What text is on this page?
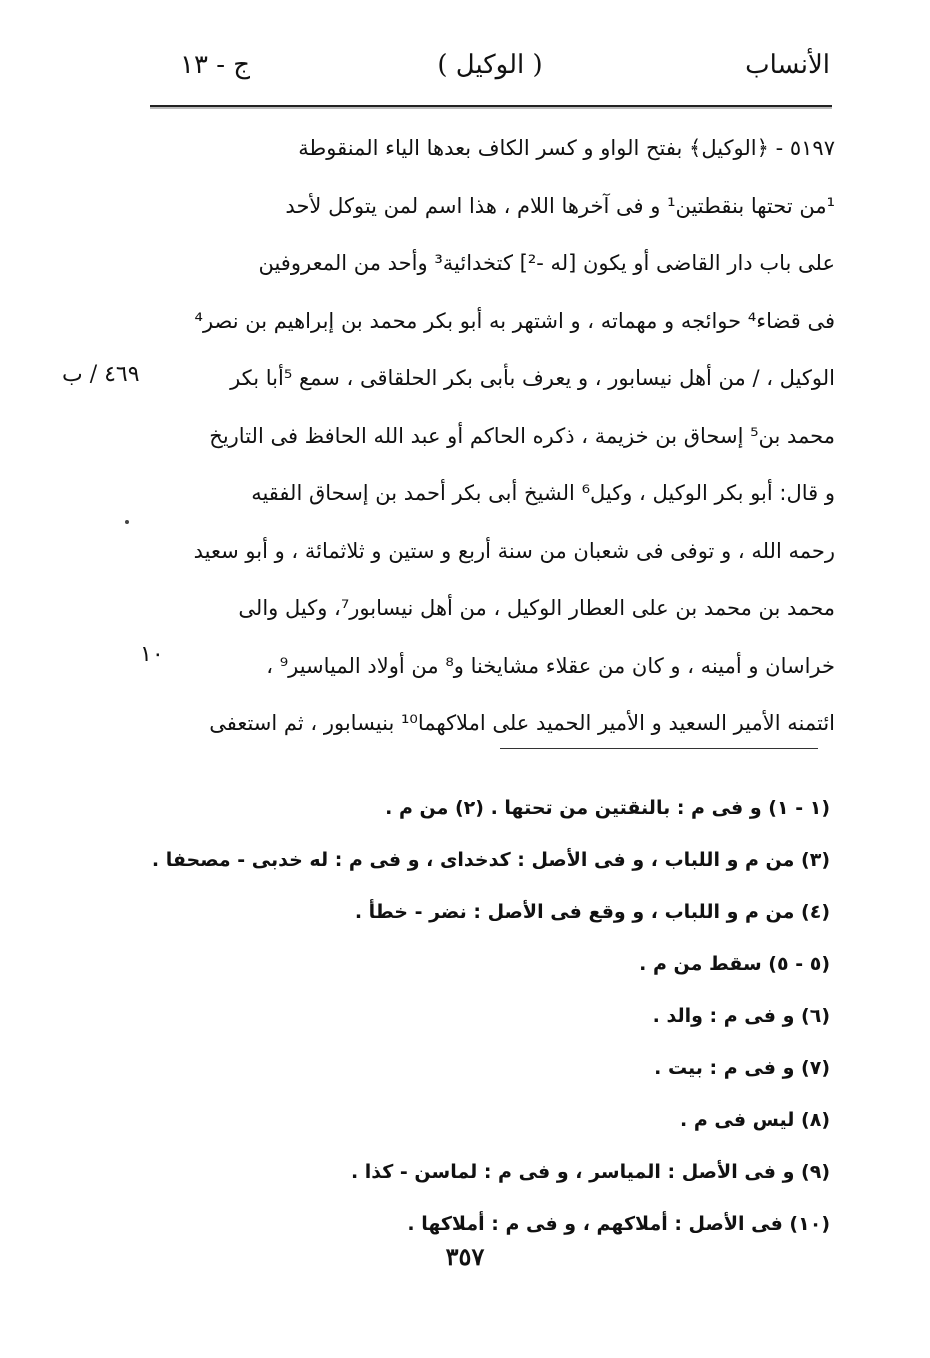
الأنساب
( الوكيل )
ج - ١٣
٥١٩٧ - ﴿الوكيل﴾ بفتح الواو و كسر الكاف بعدها الياء المنقوطة
¹من تحتها بنقطتين¹ و فى آخرها اللام ، هذا اسم لمن يتوكل لأحد
على باب دار القاضى أو يكون [له -²] كتخدائية³ وأحد من المعروفين
فى قضاء⁴ حوائجه و مهماته ، و اشتهر به أبو بكر محمد بن إبراهيم بن نصر⁴
الوكيل ، / من أهل نيسابور ، و يعرف بأبى بكر الحلقاقى ، سمع ⁵أبا بكر
محمد بن⁵ إسحاق بن خزيمة ، ذكره الحاكم أو عبد الله الحافظ فى التاريخ
و قال: أبو بكر الوكيل ، وكيل⁶ الشيخ أبى بكر أحمد بن إسحاق الفقيه
رحمه الله ، و توفى فى شعبان من سنة أربع و ستين و ثلاثمائة ، و أبو سعيد
محمد بن محمد بن على العطار الوكيل ، من أهل نيسابور⁷، وكيل والى
خراسان و أمينه ، و كان من عقلاء مشايخنا و⁸ من أولاد المياسير⁹ ،
ائتمنه الأمير السعيد و الأمير الحميد على املاكهما¹⁰ بنيسابور ، ثم استعفى
٤٦٩ / ب
١٠
(١ - ١) و فى م : بالنقتين من تحتها . (٢) من م .
(٣) من م و اللباب ، و فى الأصل : كدخداى ، و فى م : له خدبى - مصحفا .
(٤) من م و اللباب ، و وقع فى الأصل : نضر - خطأ .
(٥ - ٥) سقط من م .
(٦) و فى م : والد .
(٧) و فى م : بيت .
(٨) ليس فى م .
(٩) و فى الأصل : المياسر ، و فى م : لماسن - كذا .
(١٠) فى الأصل : أملاكهم ، و فى م : أملاكها .
٣٥٧
